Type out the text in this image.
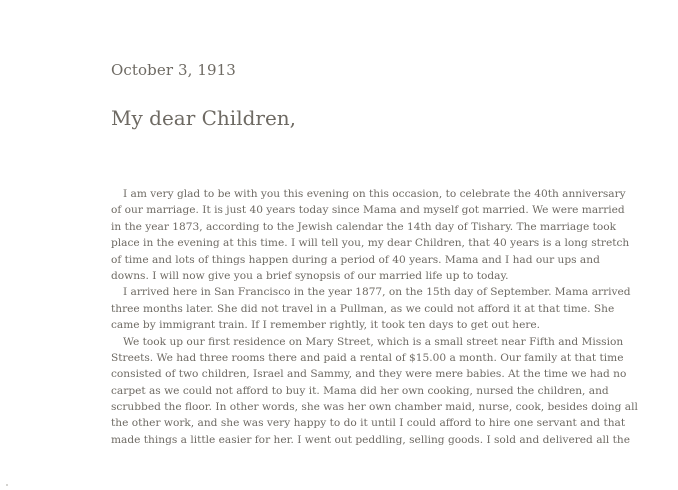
October 3, 1913
My dear Children,
I am very glad to be with you this evening on this occasion, to celebrate the 40th anniversary
of our marriage. It is just 40 years today since Mama and myself got married. We were married
in the year 1873, according to the Jewish calendar the 14th day of Tishary. The marriage took
place in the evening at this time. I will tell you, my dear Children, that 40 years is a long stretch
of time and lots of things happen during a period of 40 years. Mama and I had our ups and
downs. I will now give you a brief synopsis of our married life up to today.
I arrived here in San Francisco in the year 1877, on the 15th day of September. Mama arrived
three months later. She did not travel in a Pullman, as we could not afford it at that time. She
came by immigrant train. If I remember rightly, it took ten days to get out here.
We took up our first residence on Mary Street, which is a small street near Fifth and Mission
Streets. We had three rooms there and paid a rental of $15.00 a month. Our family at that time
consisted of two children, Israel and Sammy, and they were mere babies. At the time we had no
carpet as we could not afford to buy it. Mama did her own cooking, nursed the children, and
scrubbed the floor. In other words, she was her own chamber maid, nurse, cook, besides doing all
the other work, and she was very happy to do it until I could afford to hire one servant and that
made things a little easier for her. I went out peddling, selling goods. I sold and delivered all the
